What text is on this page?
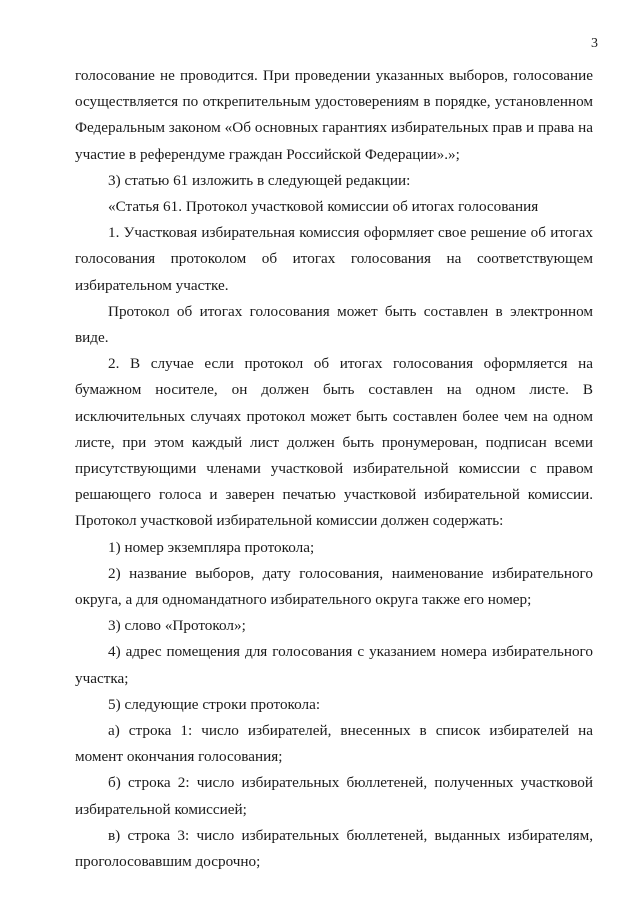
3

голосование не проводится. При проведении указанных выборов, голосование осуществляется по открепительным удостоверениям в порядке, установленном Федеральным законом «Об основных гарантиях избирательных прав и права на участие в референдуме граждан Российской Федерации».»;

3) статью 61 изложить в следующей редакции:

«Статья 61. Протокол участковой комиссии об итогах голосования

1. Участковая избирательная комиссия оформляет свое решение об итогах голосования протоколом об итогах голосования на соответствующем избирательном участке.

Протокол об итогах голосования может быть составлен в электронном виде.

2. В случае если протокол об итогах голосования оформляется на бумажном носителе, он должен быть составлен на одном листе. В исключительных случаях протокол может быть составлен более чем на одном листе, при этом каждый лист должен быть пронумерован, подписан всеми присутствующими членами участковой избирательной комиссии с правом решающего голоса и заверен печатью участковой избирательной комиссии. Протокол участковой избирательной комиссии должен содержать:

1) номер экземпляра протокола;

2) название выборов, дату голосования, наименование избирательного округа, а для одномандатного избирательного округа также его номер;

3) слово «Протокол»;

4) адрес помещения для голосования с указанием номера избирательного участка;

5) следующие строки протокола:

а) строка 1: число избирателей, внесенных в список избирателей на момент окончания голосования;

б) строка 2: число избирательных бюллетеней, полученных участковой избирательной комиссией;

в) строка 3: число избирательных бюллетеней, выданных избирателям, проголосовавшим досрочно;
